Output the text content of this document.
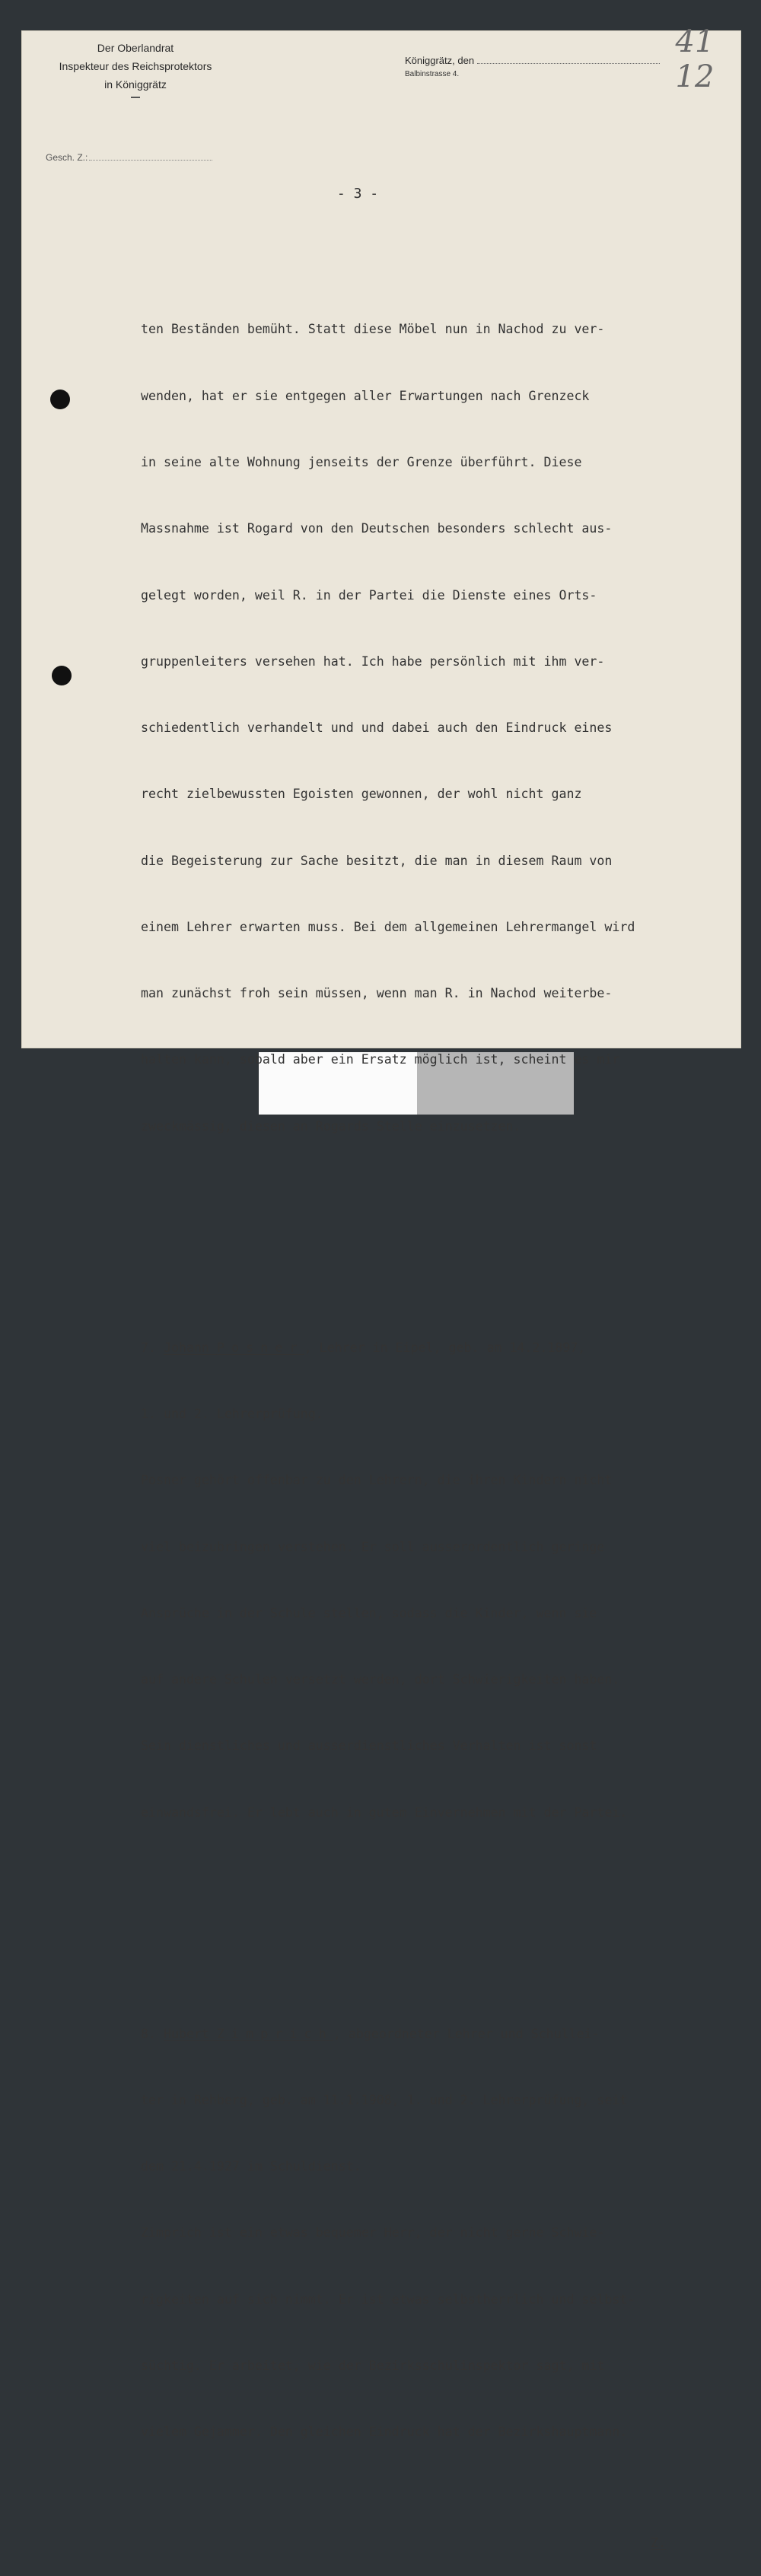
Der Oberlandrat
Inspekteur des Reichsprotektors
in Königgrätz
Königgrätz, den
Balbinstrasse 4.
Gesch. Z.:
41
12
- 3 -

ten Beständen bemüht. Statt diese Möbel nun in Nachod zu ver-

wenden, hat er sie entgegen aller Erwartungen nach Grenzeck

in seine alte Wohnung jenseits der Grenze überführt. Diese

Massnahme ist Rogard von den Deutschen besonders schlecht aus-

gelegt worden, weil R. in der Partei die Dienste eines Orts-

gruppenleiters versehen hat. Ich habe persönlich mit ihm ver-

schiedentlich verhandelt und und dabei auch den Eindruck eines

recht zielbewussten Egoisten gewonnen, der wohl nicht ganz

die Begeisterung zur Sache besitzt, die man in diesem Raum von

einem Lehrer erwarten muss. Bei dem allgemeinen Lehrermangel wird

man zunächst froh sein müssen, wenn man R. in Nachod weiterbe-

halten kann, sobald aber ein Ersatz möglich ist, scheint es mir

zweckmässig, diesen an Rogards Stelle einzusetzen.

7. Johann Posner, Lehrer in Eipel, geb. am 14.2.1897,

1. und 2. Lehrerprüfung.

Posner gehört offenbar zu den Lehrern, die ihren Kindern nicht

viel beizubringen verstehen. Er soll ausserordentlich geringe

Ansprüche in der Schule stellen, sodass die Kinder, wenn sie

auf andere Schulen versetzt werden, dort Schwierigkeiten haben.

Sein dienstliches und ausserdienstliches Verhalten ist sonst

einwandsfrei. Er lebt auch in gutem Einvernehmen mit der Partei.

8. Hubert Zimprich, abgeordneter Lehrer und Schullei-

ter in Rehberg, geb. am 11.1.1908, 1. und 2. Lehrerprüfung, seit

dem 21.4.1927 im Schuldienst.

Zimprich ist ein etwas bequemer Herr, der nicht gerne Schwie-

rigkeiten auf sich nimmt. Er ist etwas selbstherrlich und selbst-

süchtig. Er arbeitet, wie der Bezirksschulinspektor sagt, mit

vielem Gejammer. Den gleichen Eindruck hat der Bezirkshauptmann.

Z.
